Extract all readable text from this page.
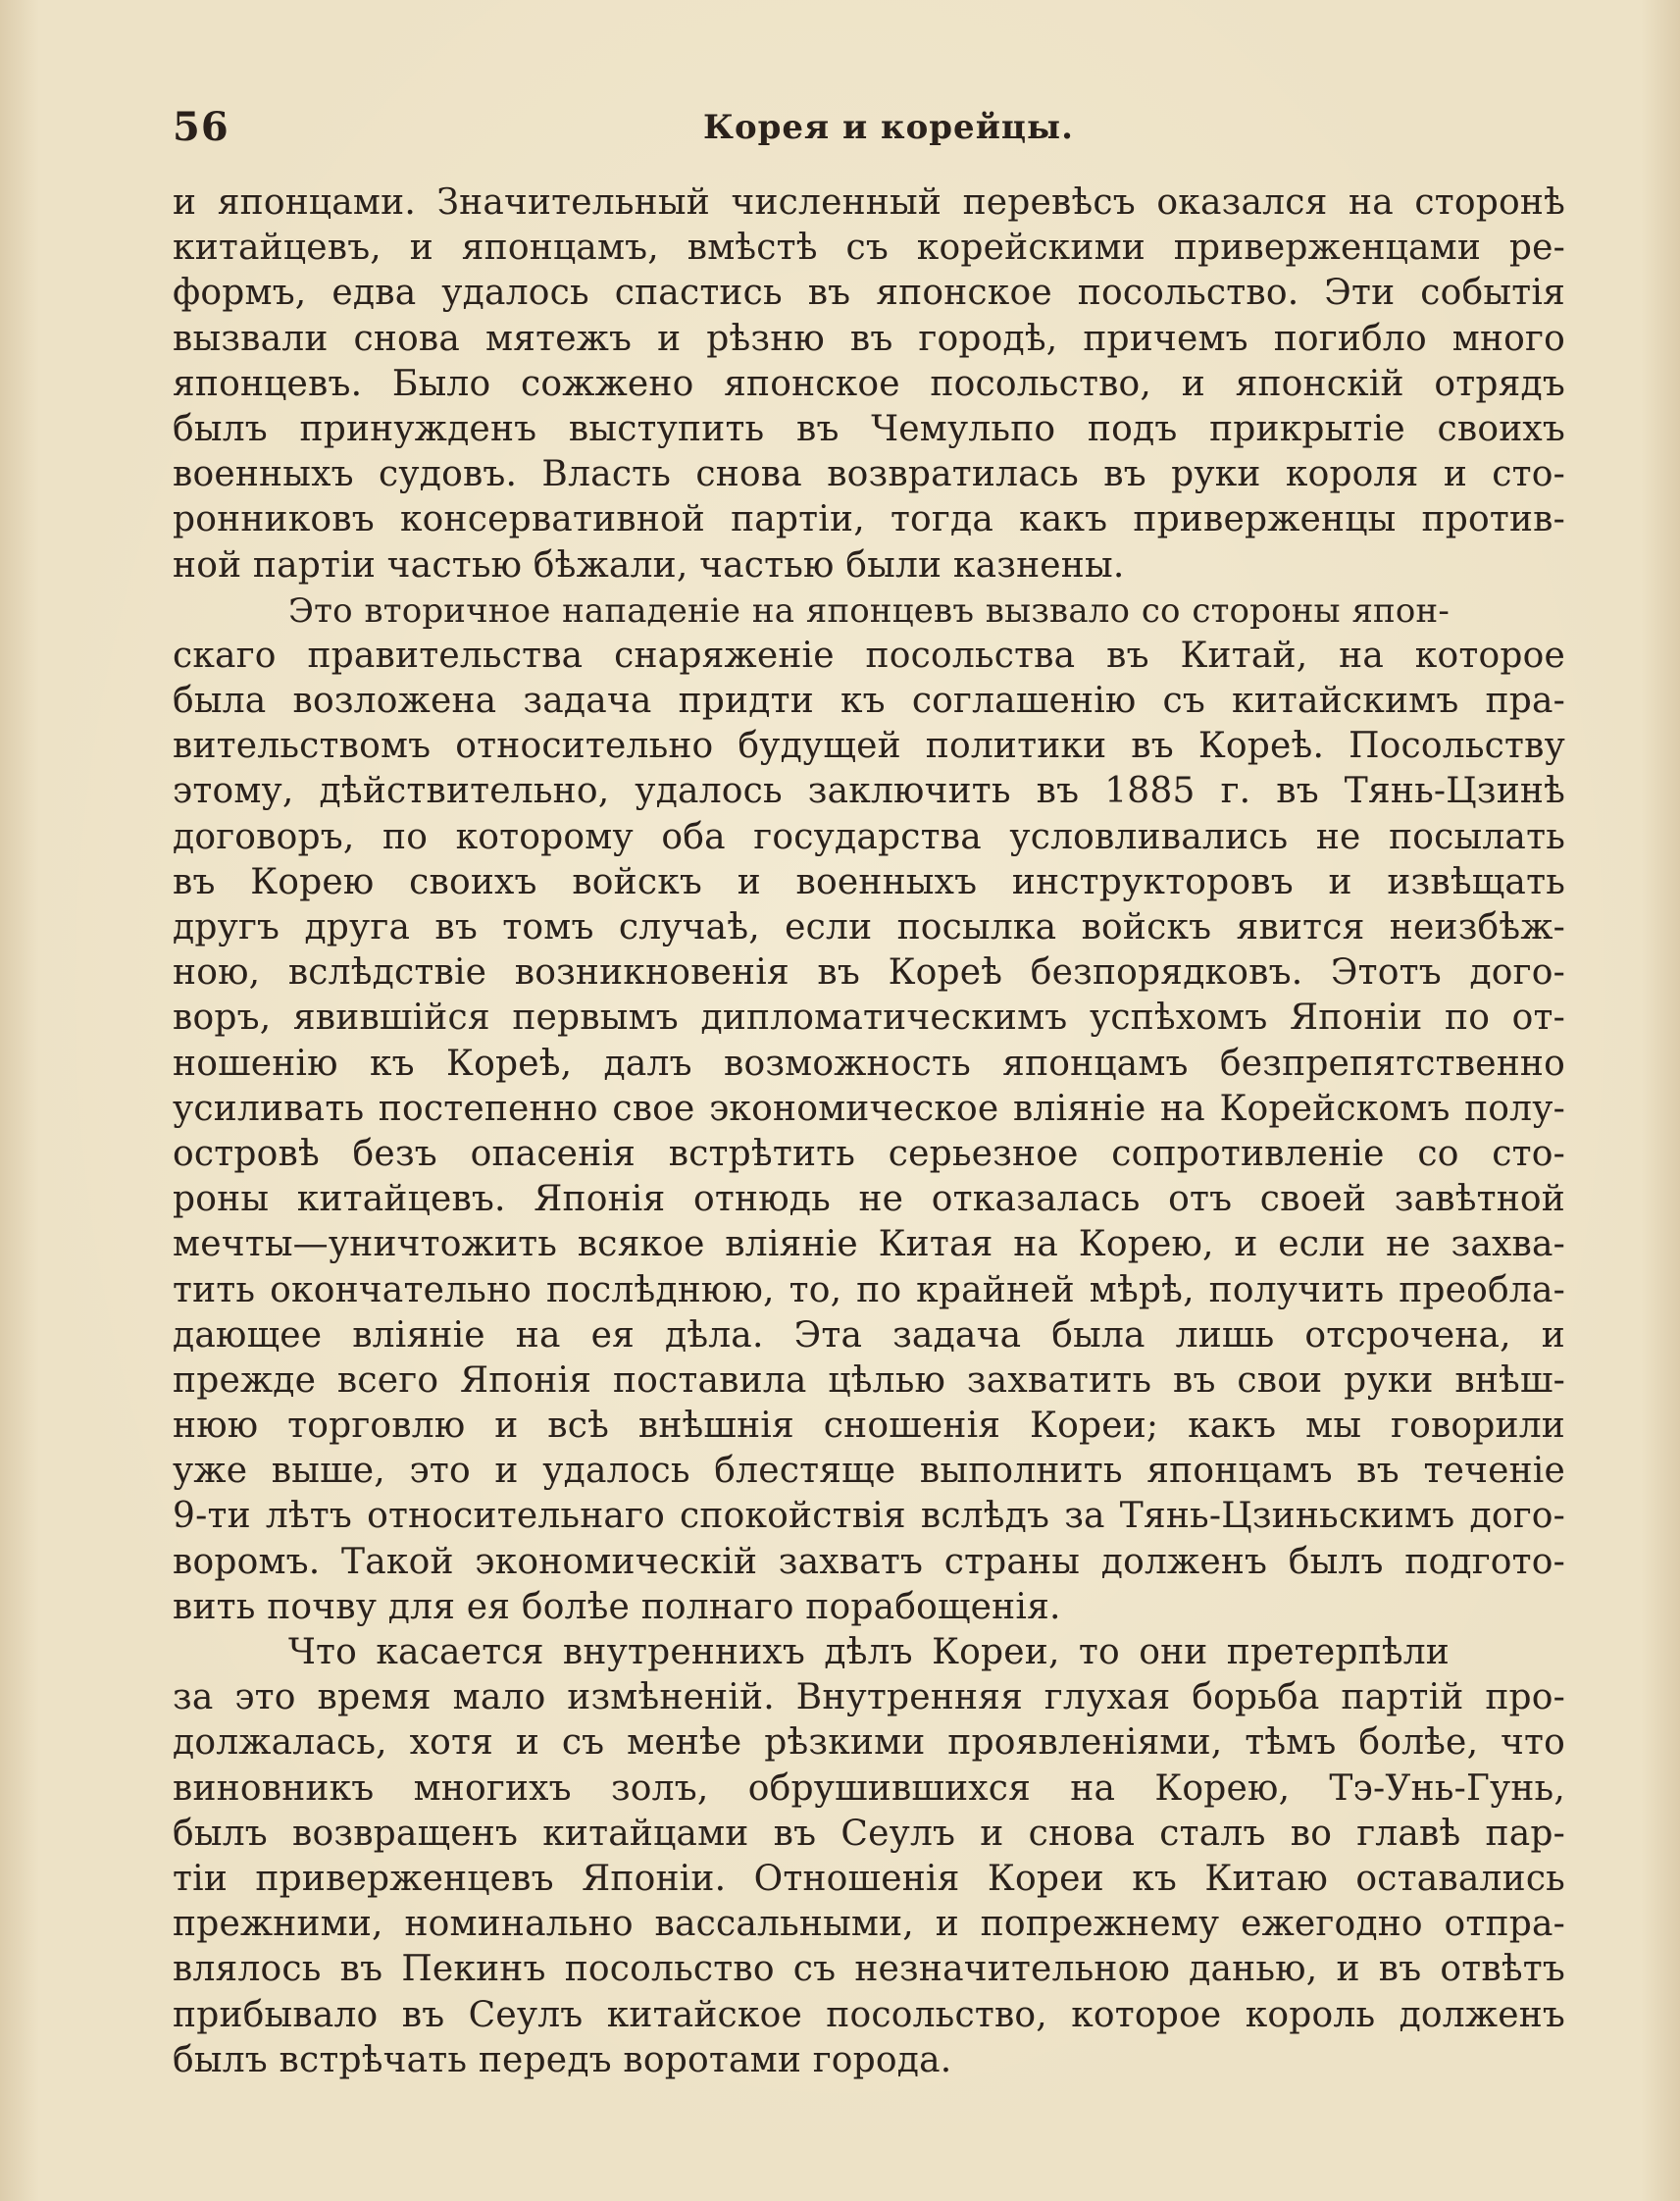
56	Корея и корейцы.
и японцами. Значительный численный перевѣсъ оказался на сторонѣ
китайцевъ, и японцамъ, вмѣстѣ съ корейскими приверженцами ре-
формъ, едва удалось спастись въ японское посольство. Эти событія
вызвали снова мятежъ и рѣзню въ городѣ, причемъ погибло много
японцевъ. Было сожжено японское посольство, и японскій отрядъ
былъ принужденъ выступить въ Чемульпо подъ прикрытіе своихъ
военныхъ судовъ. Власть снова возвратилась въ руки короля и сто-
ронниковъ консервативной партіи, тогда какъ приверженцы против-
ной партіи частью бѣжали, частью были казнены.
Это вторичное нападеніе на японцевъ вызвало со стороны япон-
скаго правительства снаряженіе посольства въ Китай, на которое
была возложена задача придти къ соглашенію съ китайскимъ пра-
вительствомъ относительно будущей политики въ Кореѣ. Посольству
этому, дѣйствительно, удалось заключить въ 1885 г. въ Тянь-Цзинѣ
договоръ, по которому оба государства условливались не посылать
въ Корею своихъ войскъ и военныхъ инструкторовъ и извѣщать
другъ друга въ томъ случаѣ, если посылка войскъ явится неизбѣж-
ною, вслѣдствіе возникновенія въ Кореѣ безпорядковъ. Этотъ дого-
воръ, явившійся первымъ дипломатическимъ успѣхомъ Японіи по от-
ношенію къ Кореѣ, далъ возможность японцамъ безпрепятственно
усиливать постепенно свое экономическое вліяніе на Корейскомъ полу-
островѣ безъ опасенія встрѣтить серьезное сопротивленіе со сто-
роны китайцевъ. Японія отнюдь не отказалась отъ своей завѣтной
мечты—уничтожить всякое вліяніе Китая на Корею, и если не захва-
тить окончательно послѣднюю, то, по крайней мѣрѣ, получить преобла-
дающее вліяніе на ея дѣла. Эта задача была лишь отсрочена, и
прежде всего Японія поставила цѣлью захватить въ свои руки внѣш-
нюю торговлю и всѣ внѣшнія сношенія Кореи; какъ мы говорили
уже выше, это и удалось блестяще выполнить японцамъ въ теченіе
9-ти лѣтъ относительнаго спокойствія вслѣдъ за Тянь-Цзиньскимъ дого-
воромъ. Такой экономическій захватъ страны долженъ былъ подгото-
вить почву для ея болѣе полнаго порабощенія.
Что касается внутреннихъ дѣлъ Кореи, то они претерпѣли
за это время мало измѣненій. Внутренняя глухая борьба партій про-
должалась, хотя и съ менѣе рѣзкими проявленіями, тѣмъ болѣе, что
виновникъ многихъ золъ, обрушившихся на Корею, Тэ-Унь-Гунь,
былъ возвращенъ китайцами въ Сеулъ и снова сталъ во главѣ пар-
тіи приверженцевъ Японіи. Отношенія Кореи къ Китаю оставались
прежними, номинально вассальными, и попрежнему ежегодно отпра-
влялось въ Пекинъ посольство съ незначительною данью, и въ отвѣтъ
прибывало въ Сеулъ китайское посольство, которое король долженъ
былъ встрѣчать передъ воротами города.
